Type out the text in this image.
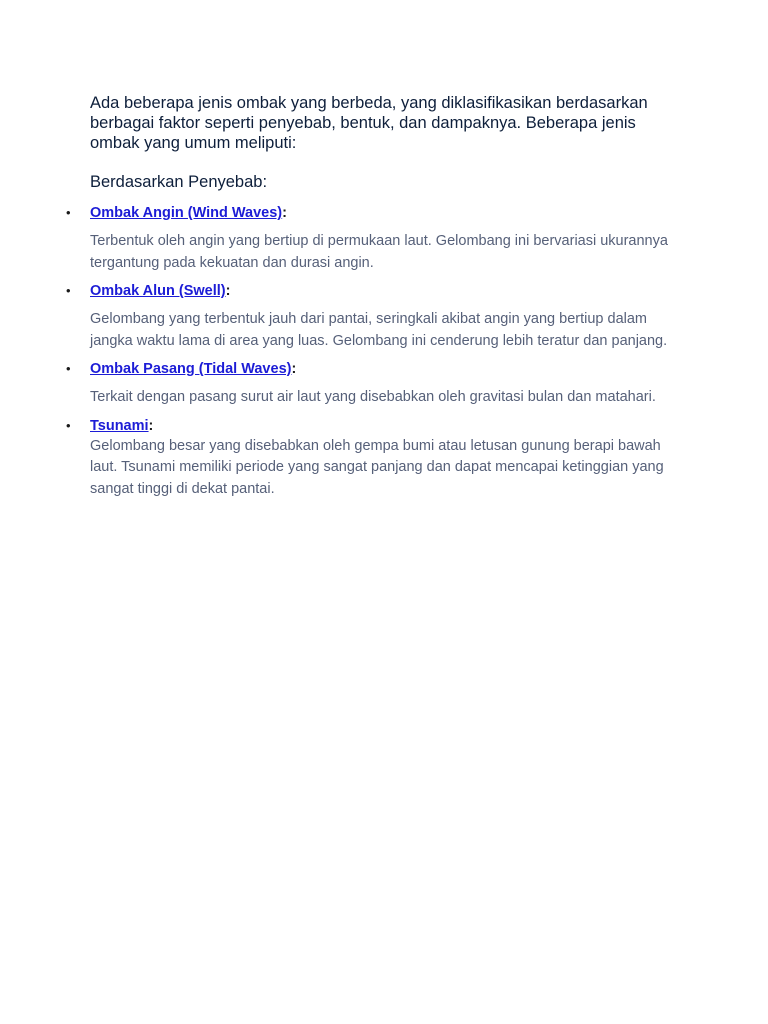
Ada beberapa jenis ombak yang berbeda, yang diklasifikasikan berdasarkan berbagai faktor seperti penyebab, bentuk, dan dampaknya. Beberapa jenis ombak yang umum meliputi:

Berdasarkan Penyebab:

• Ombak Angin (Wind Waves):

Terbentuk oleh angin yang bertiup di permukaan laut. Gelombang ini bervariasi ukurannya tergantung pada kekuatan dan durasi angin.

• Ombak Alun (Swell):

Gelombang yang terbentuk jauh dari pantai, seringkali akibat angin yang bertiup dalam jangka waktu lama di area yang luas. Gelombang ini cenderung lebih teratur dan panjang.

• Ombak Pasang (Tidal Waves):

Terkait dengan pasang surut air laut yang disebabkan oleh gravitasi bulan dan matahari.

• Tsunami:

Gelombang besar yang disebabkan oleh gempa bumi atau letusan gunung berapi bawah laut. Tsunami memiliki periode yang sangat panjang dan dapat mencapai ketinggian yang sangat tinggi di dekat pantai.
